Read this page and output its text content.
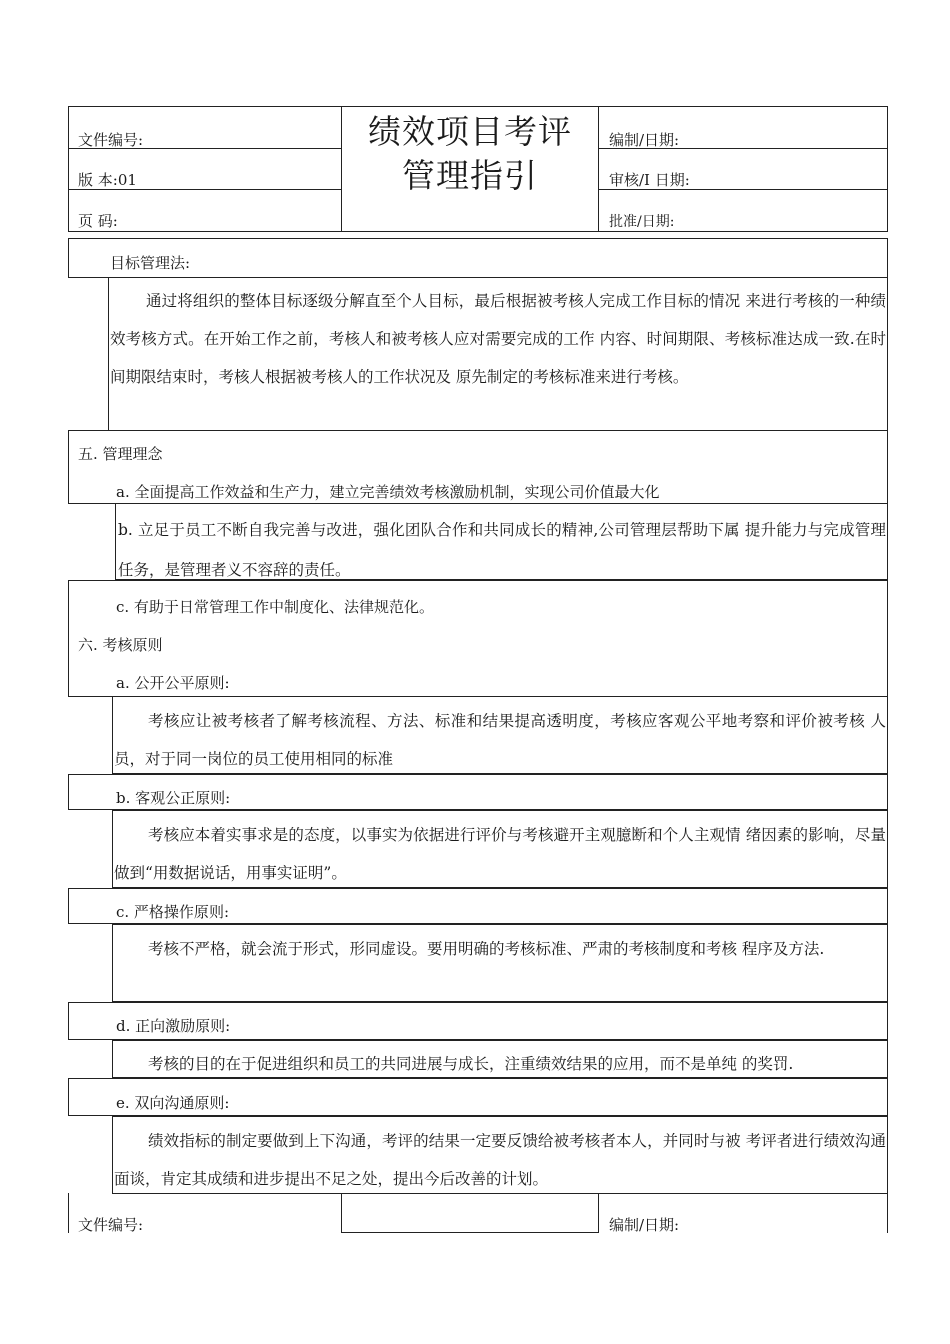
文件编号:
版 本:01
页 码:
绩效项目考评
管理指引
编制/日期:
审核/I 日期:
批准/日期:
目标管理法:
通过将组织的整体目标逐级分解直至个人目标，最后根据被考核人完成工作目标的情况 来进行考核的一种绩效考核方式。在开始工作之前，考核人和被考核人应对需要完成的工作 内容、时间期限、考核标准达成一致.在时间期限结束时，考核人根据被考核人的工作状况及 原先制定的考核标准来进行考核。
五. 管理理念
a. 全面提高工作效益和生产力，建立完善绩效考核激励机制，实现公司价值最大化
b. 立足于员工不断自我完善与改进，强化团队合作和共同成长的精神,公司管理层帮助下属 提升能力与完成管理任务，是管理者义不容辞的责任。
c. 有助于日常管理工作中制度化、法律规范化。
六. 考核原则
a. 公开公平原则:
考核应让被考核者了解考核流程、方法、标准和结果提高透明度，考核应客观公平地考察和评价被考核 人员，对于同一岗位的员工使用相同的标准
b. 客观公正原则:
考核应本着实事求是的态度，以事实为依据进行评价与考核避开主观臆断和个人主观情 绪因素的影响，尽量做到“用数据说话，用事实证明”。
c. 严格操作原则:
考核不严格，就会流于形式，形同虚设。要用明确的考核标准、严肃的考核制度和考核 程序及方法.
d. 正向激励原则:
考核的目的在于促进组织和员工的共同进展与成长，注重绩效结果的应用，而不是单纯 的奖罚.
e. 双向沟通原则:
绩效指标的制定要做到上下沟通，考评的结果一定要反馈给被考核者本人，并同时与被 考评者进行绩效沟通面谈，肯定其成绩和进步提出不足之处，提出今后改善的计划。
文件编号:	编制/日期:
